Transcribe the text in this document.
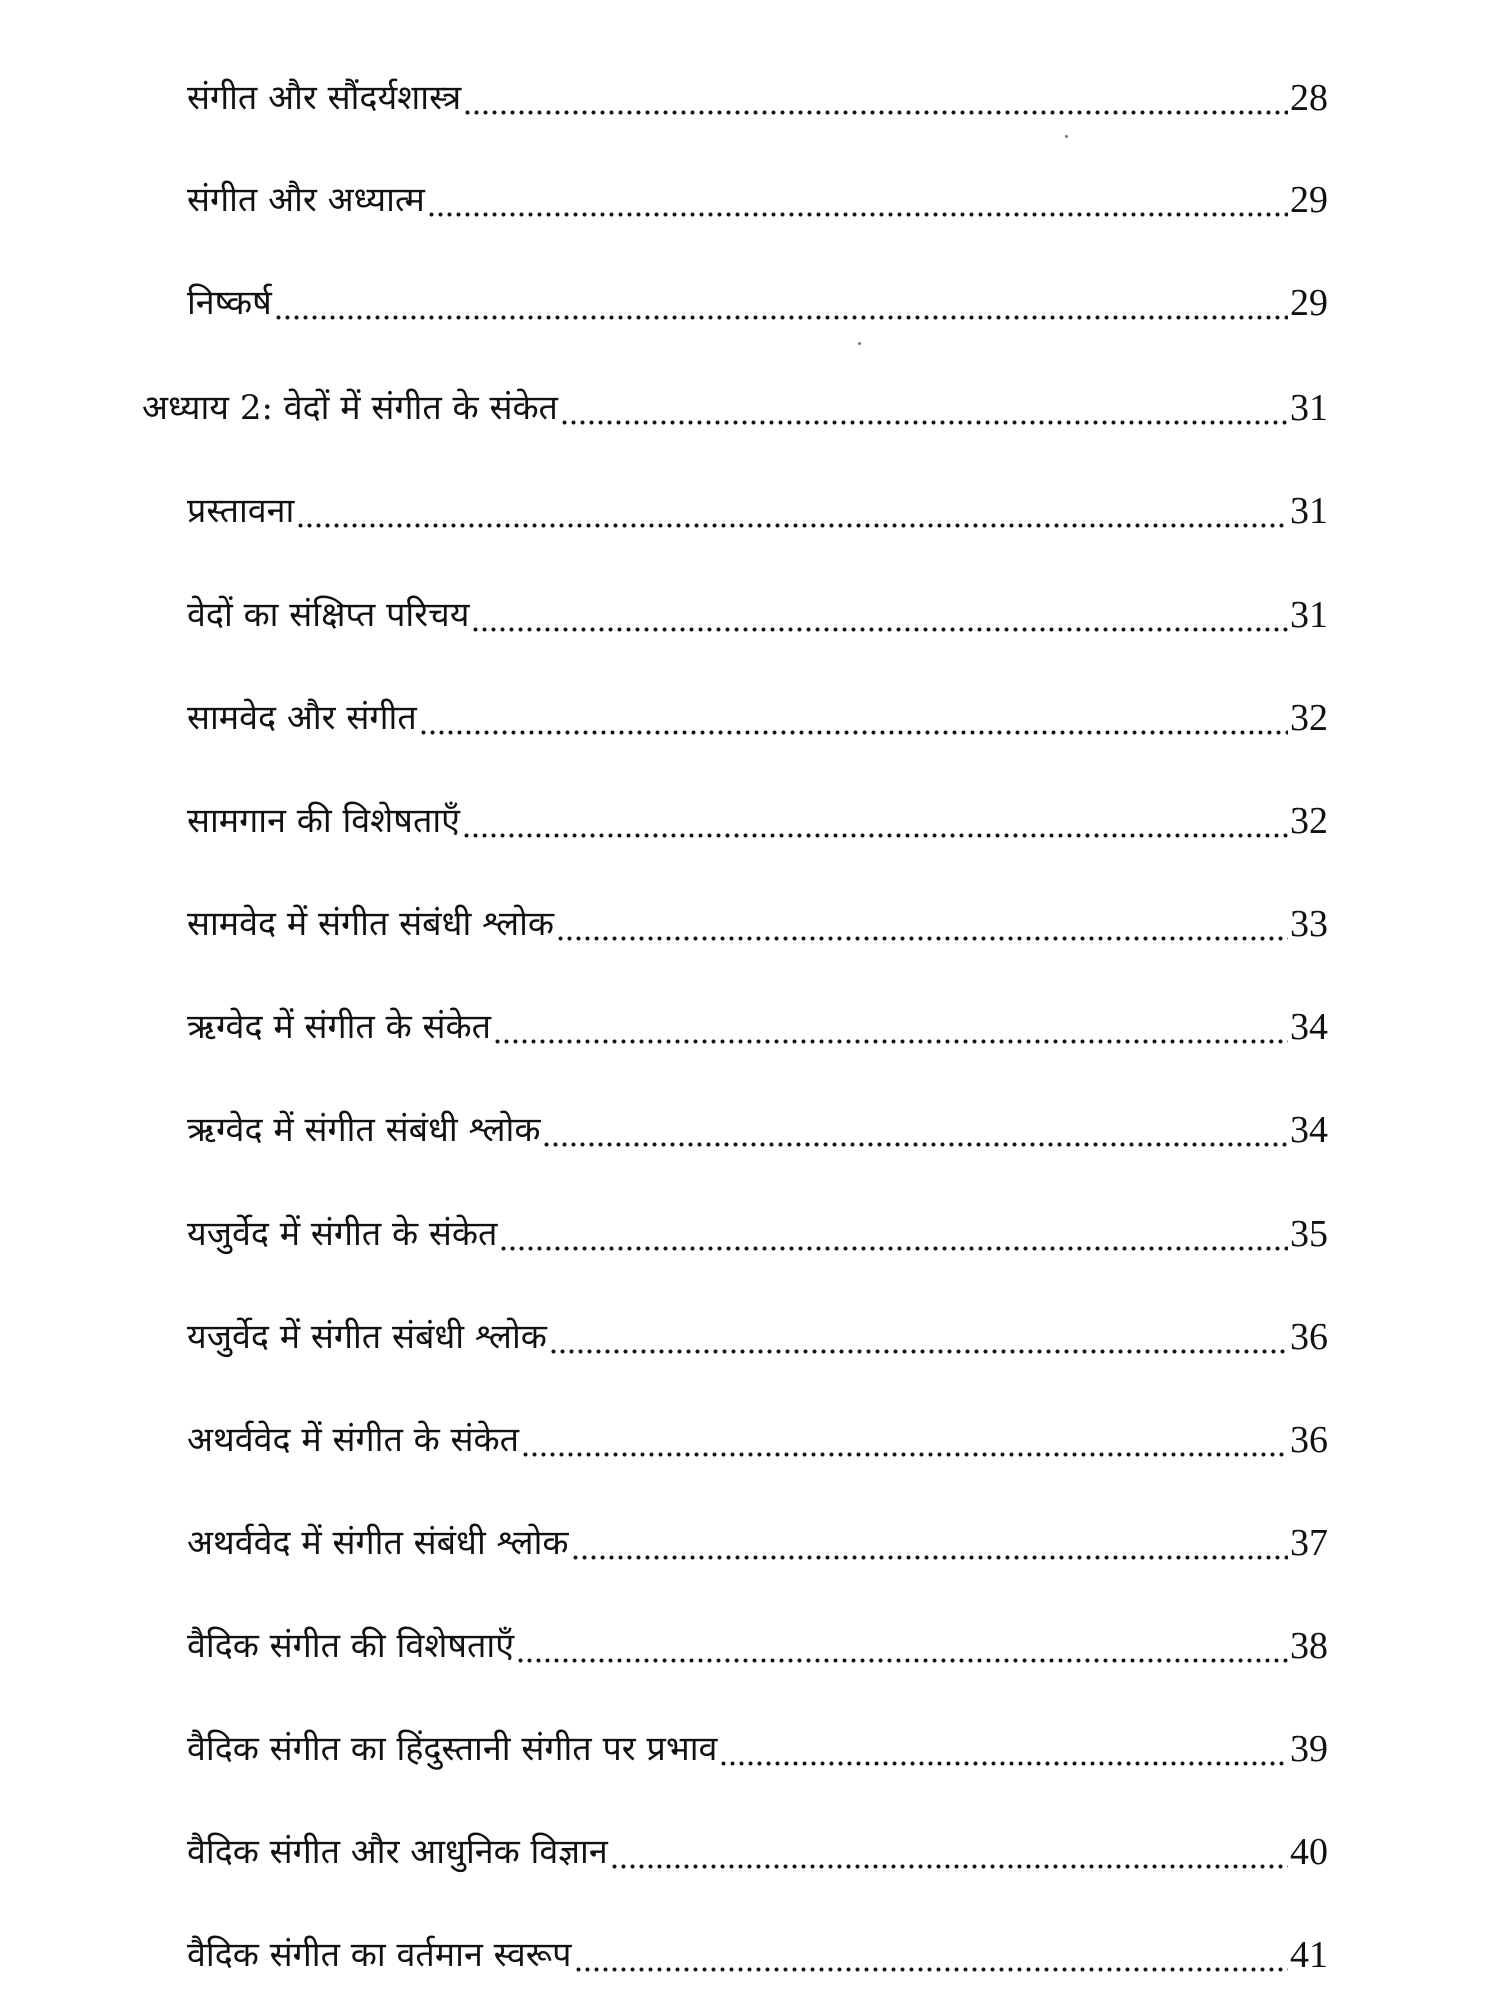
संगीत और सौंदर्यशास्त्र	28
संगीत और अध्यात्म	29
निष्कर्ष	29
अध्याय 2: वेदों में संगीत के संकेत	31
प्रस्तावना	31
वेदों का संक्षिप्त परिचय	31
सामवेद और संगीत	32
सामगान की विशेषताएँ	32
सामवेद में संगीत संबंधी श्लोक	33
ऋग्वेद में संगीत के संकेत	34
ऋग्वेद में संगीत संबंधी श्लोक	34
यजुर्वेद में संगीत के संकेत	35
यजुर्वेद में संगीत संबंधी श्लोक	36
अथर्ववेद में संगीत के संकेत	36
अथर्ववेद में संगीत संबंधी श्लोक	37
वैदिक संगीत की विशेषताएँ	38
वैदिक संगीत का हिंदुस्तानी संगीत पर प्रभाव	39
वैदिक संगीत और आधुनिक विज्ञान	40
वैदिक संगीत का वर्तमान स्वरूप	41
